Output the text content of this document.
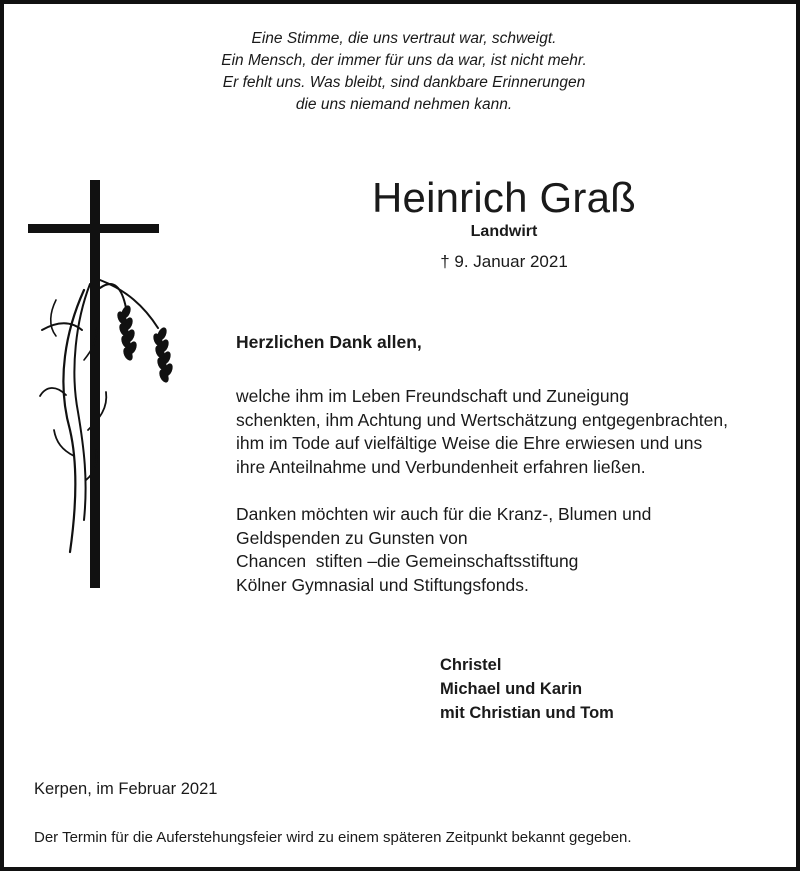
Eine Stimme, die uns vertraut war, schweigt.
Ein Mensch, der immer für uns da war, ist nicht mehr.
Er fehlt uns. Was bleibt, sind dankbare Erinnerungen
die uns niemand nehmen kann.
Heinrich Graß
Landwirt
† 9. Januar 2021
Herzlichen Dank allen,
welche ihm im Leben Freundschaft und Zuneigung
schenkten, ihm Achtung und Wertschätzung entgegenbrachten,
ihm im Tode auf vielfältige Weise die Ehre erwiesen und uns
ihre Anteilnahme und Verbundenheit erfahren ließen.
Danken möchten wir auch für die Kranz-, Blumen und
Geldspenden zu Gunsten von
Chancen  stiften –die Gemeinschaftsstiftung
Kölner Gymnasial und Stiftungsfonds.
Christel
Michael und Karin
mit Christian und Tom
Kerpen, im Februar 2021
Der Termin für die Auferstehungsfeier wird zu einem späteren Zeitpunkt bekannt gegeben.
